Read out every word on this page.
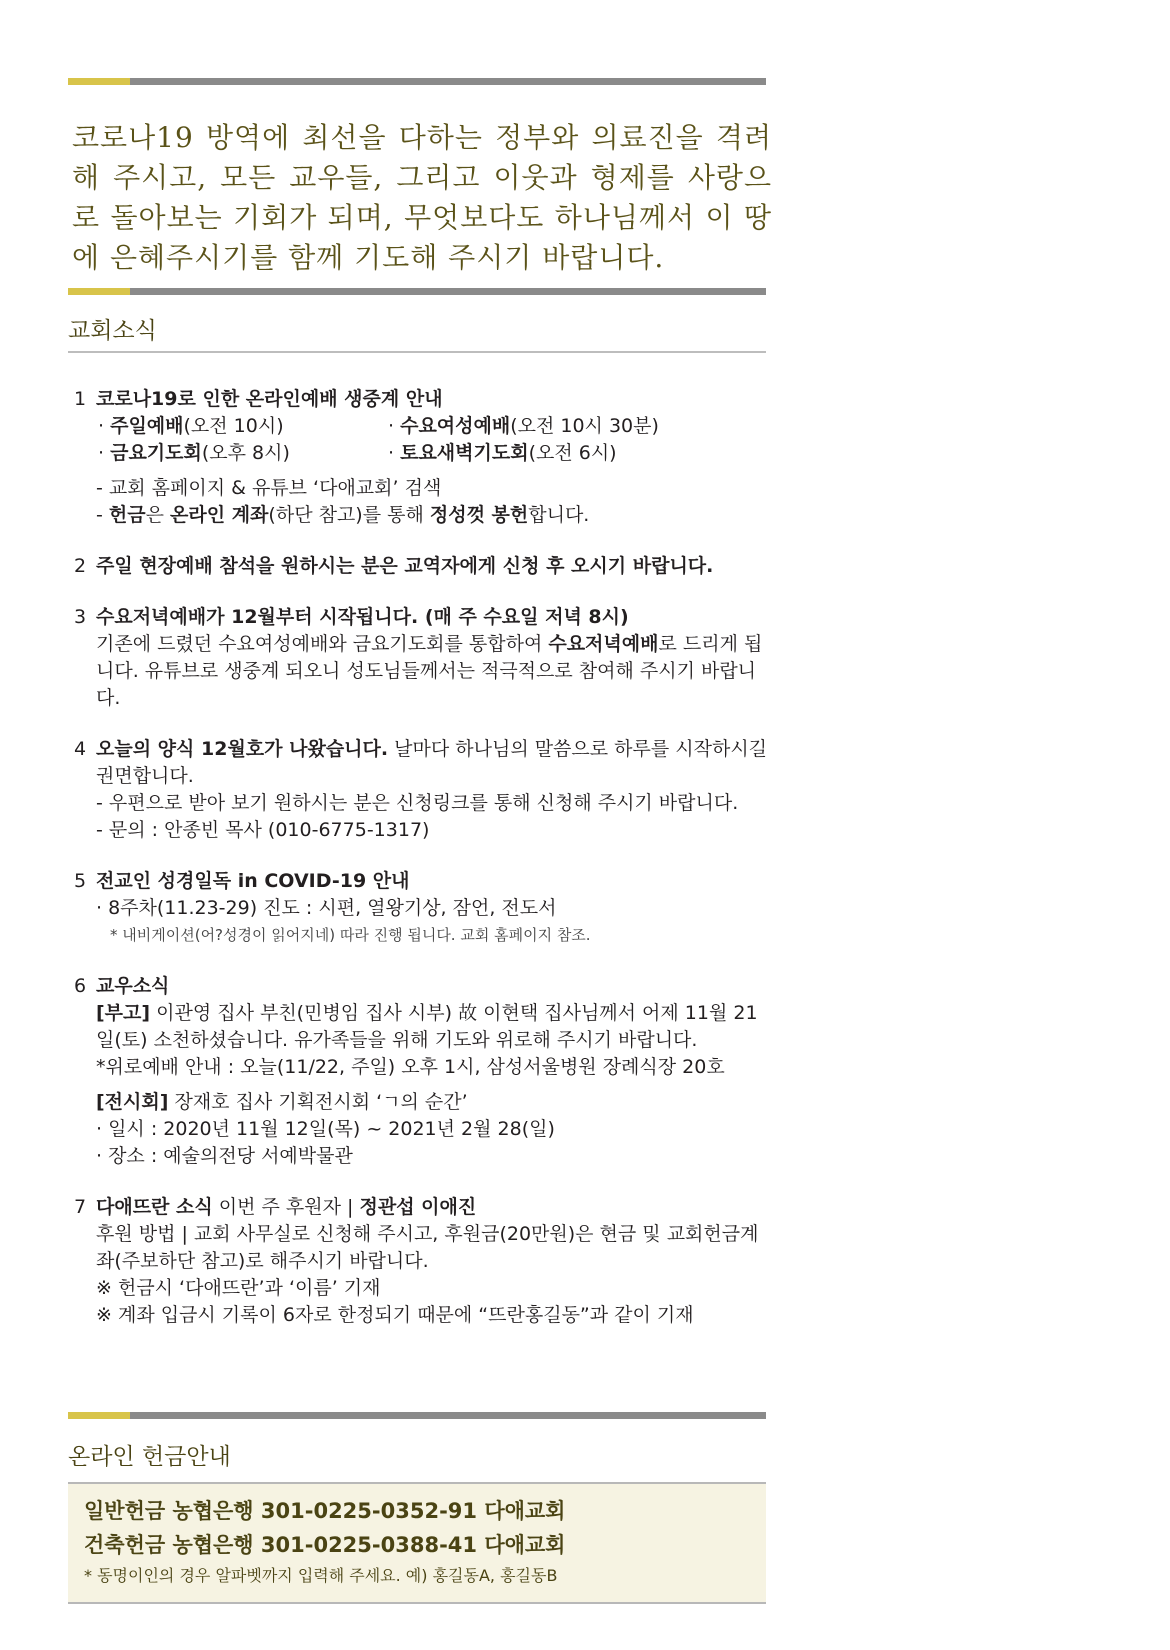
코로나19 방역에 최선을 다하는 정부와 의료진을 격려해 주시고, 모든 교우들, 그리고 이웃과 형제를 사랑으로 돌아보는 기회가 되며, 무엇보다도 하나님께서 이 땅에 은혜주시기를 함께 기도해 주시기 바랍니다.
교회소식
1 코로나19로 인한 온라인예배 생중계 안내
· 주일예배(오전 10시)	· 수요여성예배(오전 10시 30분)
· 금요기도회(오후 8시)	· 토요새벽기도회(오전 6시)
- 교회 홈페이지 & 유튜브 ‘다애교회’ 검색
- 헌금은 온라인 계좌(하단 참고)를 통해 정성껏 봉헌합니다.
2 주일 현장예배 참석을 원하시는 분은 교역자에게 신청 후 오시기 바랍니다.
3 수요저녁예배가 12월부터 시작됩니다. (매 주 수요일 저녁 8시)
기존에 드렸던 수요여성예배와 금요기도회를 통합하여 수요저녁예배로 드리게 됩니다. 유튜브로 생중계 되오니 성도님들께서는 적극적으로 참여해 주시기 바랍니다.
4 오늘의 양식 12월호가 나왔습니다. 날마다 하나님의 말씀으로 하루를 시작하시길 권면합니다.
- 우편으로 받아 보기 원하시는 분은 신청링크를 통해 신청해 주시기 바랍니다.
- 문의 : 안종빈 목사 (010-6775-1317)
5 전교인 성경일독 in COVID-19 안내
· 8주차(11.23-29) 진도 : 시편, 열왕기상, 잠언, 전도서
* 내비게이션(어?성경이 읽어지네) 따라 진행 됩니다. 교회 홈페이지 참조.
6 교우소식
[부고] 이관영 집사 부친(민병임 집사 시부) 故 이현택 집사님께서 어제 11월 21일(토) 소천하셨습니다. 유가족들을 위해 기도와 위로해 주시기 바랍니다.
*위로예배 안내 : 오늘(11/22, 주일) 오후 1시, 삼성서울병원 장례식장 20호
[전시회] 장재호 집사 기획전시회 ‘ㄱ의 순간’
· 일시 : 2020년 11월 12일(목) ~ 2021년 2월 28(일)
· 장소 : 예술의전당 서예박물관
7 다애뜨란 소식 이번 주 후원자 | 정관섭 이애진
후원 방법 | 교회 사무실로 신청해 주시고, 후원금(20만원)은 현금 및 교회헌금계좌(주보하단 참고)로 해주시기 바랍니다.
※ 헌금시 ‘다애뜨란’과 ‘이름’ 기재
※ 계좌 입금시 기록이 6자로 한정되기 때문에 “뜨란홍길동”과 같이 기재
온라인 헌금안내
일반헌금 농협은행 301-0225-0352-91 다애교회
건축헌금 농협은행 301-0225-0388-41 다애교회
* 동명이인의 경우 알파벳까지 입력해 주세요. 예) 홍길동A, 홍길동B
